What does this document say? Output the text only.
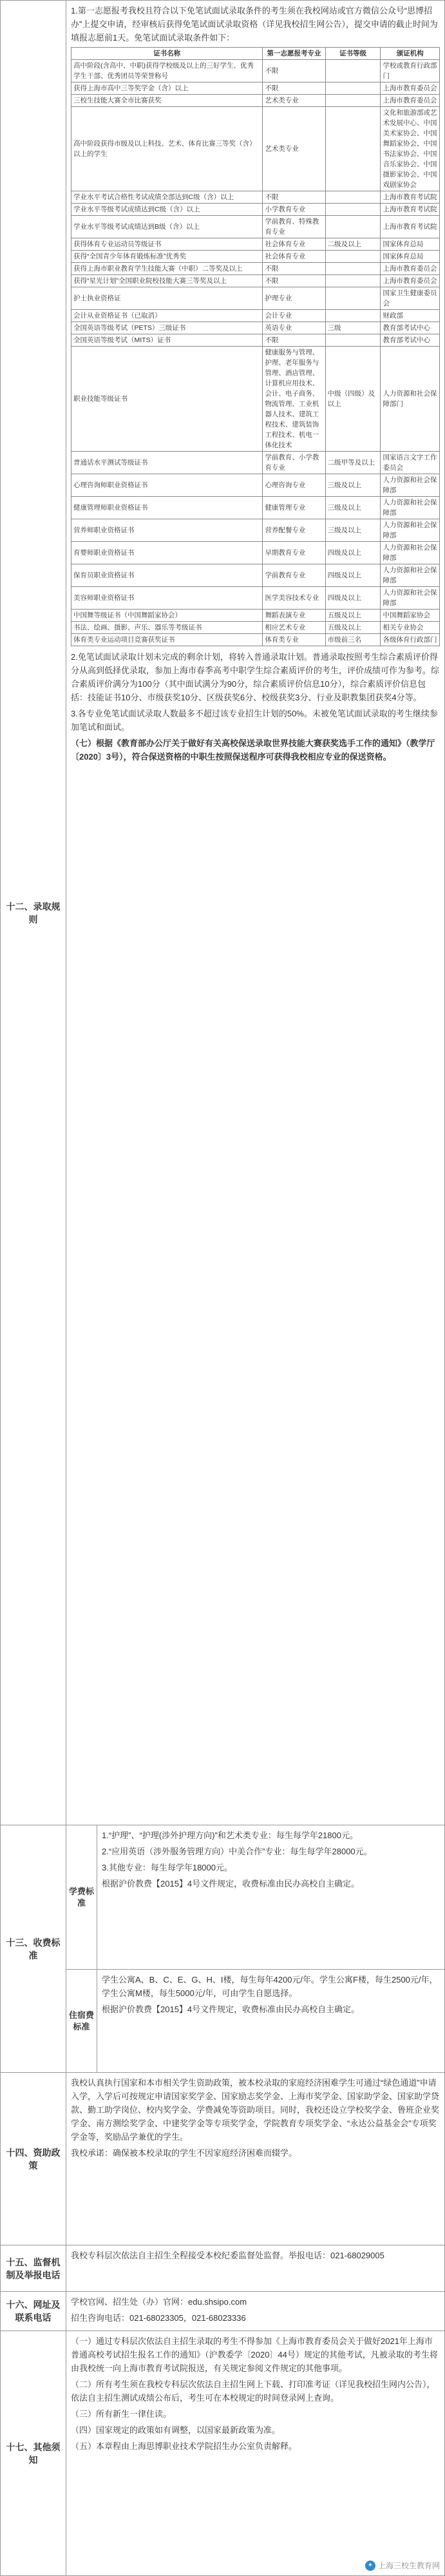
十二、录取规则	

1.第一志愿报考我校且符合以下免笔试面试录取条件的考生须在我校网站或官方微信公众号“思博招办”上提交申请，经审核后获得免笔试面试录取资格（详见我校招生网公告），提交申请的截止时间为填报志愿前1天。免笔试面试录取条件如下：

证书名称	第一志愿报考专业	证书等级	颁证机构
高中阶段(含高中、中职)获得学校级及以上的三好学生、优秀学生干部、优秀团员等荣誉称号	不限		学校或教育行政部门
获得上海市高中三等奖学金（含）以上	不限		上海市教育委员会
三校生技能大赛全市比赛获奖	艺术类专业		上海市教育委员会
高中阶段获得市级及以上科技、艺术、体育比赛三等奖（含）以上的学生	艺术类专业		文化和旅游部或艺术发展中心、中国美术家协会、中国舞蹈家协会、中国书法家协会、中国音乐家协会、中国摄影家协会、中国戏剧家协会
学业水平考试合格性考试成绩全部达到C级（含）以上	不限		上海市教育考试院
学业水平等级考试成绩达到C级（含）以上	小学教育专业		上海市教育考试院
学业水平等级考试成绩达到B级（含）以上	学前教育、特殊教育专业		上海市教育考试院
获得体育专业运动员等级证书	社会体育专业	二级及以上	国家体育总局
获得“全国青少年体育锻炼标准”优秀奖	社会体育专业		国家体育总局
获得上海市职业教育学生技能大赛（中职）二等奖及以上	不限		上海市教育委员会
获得“星光计划”全国职业院校技能大赛三等奖及以上	不限		上海市教育委员会
护士执业资格证	护理专业		国家卫生健康委员会
会计从业资格证书（已取消）	会计专业		财政部
全国英语等级考试（PETS）三级证书	英语专业	三级	教育部考试中心
全国英语等级考试（MITS）证书	不限		教育部考试中心
职业技能等级证书	健康服务与管理、护理、老年服务与管理、酒店管理、计算机应用技术、会计、电子商务、物流管理、工业机器人技术、建筑工程技术、建筑装饰工程技术、机电一体化技术	中级（四级）及以上	人力资源和社会保障部门
普通话水平测试等级证书	学前教育、小学教育专业	二级甲等及以上	国家语言文字工作委员会
心理咨询师职业资格证书	心理咨询专业	三级及以上	人力资源和社会保障部
健康管理师职业资格证书	健康管理专业	三级及以上	人力资源和社会保障部
营养师职业资格证书	营养配餐专业	三级及以上	人力资源和社会保障部
育婴师职业资格证书	早期教育专业	四级及以上	人力资源和社会保障部
保育员职业资格证书	学前教育专业	四级及以上	人力资源和社会保障部
美容师职业资格证书	医学美容技术专业	四级及以上	人力资源和社会保障部
中国舞等级证书（中国舞蹈家协会）	舞蹈表演专业	五级及以上	中国舞蹈家协会
书法、绘画、摄影、声乐、器乐等考级证书	相应艺术专业	五级及以上	相关专业协会
体育类专业运动项目竞赛获奖证书	体育类专业	市级前三名	各级体育行政部门

2.免笔试面试录取计划未完成的剩余计划，将转入普通录取计划。普通录取按照考生综合素质评价得分从高到低择优录取，参加上海市春季高考中职学生综合素质评价的考生，评价成绩可作为参考。综合素质评价满分为100分（其中面试满分为90分，综合素质评价信息10分），综合素质评价信息包括：技能证书10分、市级获奖10分、区级获奖6分、校级获奖3分、行业及职教集团获奖4分等。

3.各专业免笔试面试录取人数最多不超过该专业招生计划的50%。未被免笔试面试录取的考生继续参加笔试和面试。

（七）根据《教育部办公厅关于做好有关高校保送录取世界技能大赛获奖选手工作的通知》（教学厅〔2020〕3号），符合保送资格的中职生按照保送程序可获得我校相应专业的保送资格。

十三、收费标准	学费标准	

1.“护理”、“护理(涉外护理方向)”和艺术类专业：每生每学年21800元。

2.“应用英语（涉外服务管理方向）中美合作”专业：每生每学年28000元。

3.其他专业：每生每学年18000元。

根据沪价教费【2015】4号文件规定，收费标准由民办高校自主确定。

住宿费标准	

学生公寓A、B、C、E、G、H、I楼，每生每年4200元/年。学生公寓F楼，每生2500元/年，学生公寓M楼，每生5000元/年，可由学生自愿选择。

根据沪价教费【2015】4号文件规定，收费标准由民办高校自主确定。

十四、资助政策	

我校认真执行国家和本市相关学生资助政策，被本校录取的家庭经济困难学生可通过“绿色通道”申请入学，入学后可按规定申请国家奖学金、国家励志奖学金、上海市奖学金、国家助学金、国家助学贷款、勤工助学岗位、校内奖学金、学费减免等资助项目。同时，我校还设立学校奖学金、鲁班企业奖学金、南方测绘奖学金、中建奖学金等专项奖学金，学院教育专项奖学金、“永达公益基金会”专项奖学金等，奖励品学兼优的学生。

我校承诺：确保被本校录取的学生不因家庭经济困难而辍学。

十五、监督机制及举报电话	

我校专科层次依法自主招生全程接受本校纪委监督处监督。举报电话：021-68029005

十六、网址及联系电话	

学校官网、招生处（办）官网：edu.shsipo.com

招生咨询电话：021-68023305，021-68023336

十七、其他须知	

（一）通过专科层次依法自主招生录取的考生不得参加《上海市教育委员会关于做好2021年上海市普通高校考试招生报名工作的通知》（沪教委学〔2020〕44号）规定的其他考试，凡被录取的考生将由我校统一向上海市教育考试院报送，有关规定参阅文件规定的其他事项。

（二）所有考生须在我校专科层次依法自主招生网上下载、打印准考证（详见我校招生网内公告），依法自主招生测试成绩公布后，考生可在本校规定的时间登录网上查询。

（三）所有新生一律住读。

（四）国家规定的政策如有调整，以国家最新政策为准。

（五）本章程由上海思博职业技术学院招生办公室负责解释。

✦ 上海三校生教育网
